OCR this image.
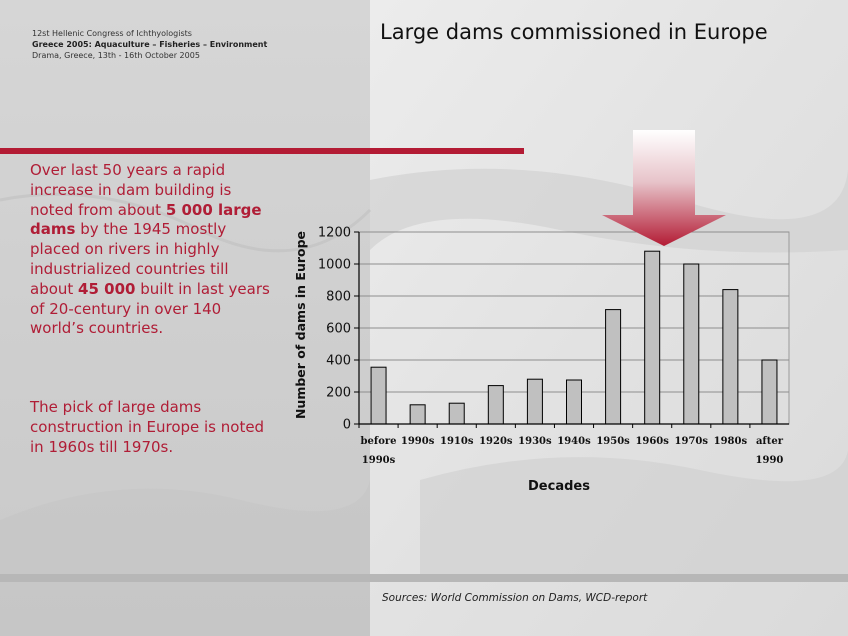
12st Hellenic Congress of Ichthyologists
Greece 2005: Aquaculture – Fisheries – Environment
Drama, Greece, 13th - 16th October 2005
Large dams commissioned in Europe
Over last 50 years a rapid increase in dam building is noted from about 5 000 large dams by the 1945 mostly placed on rivers in highly industrialized countries till about 45 000 built in last years of 20-century in over 140 world’s countries.
The pick of large dams construction in Europe is noted in 1960s till 1970s.
0
200
400
600
800
1000
1200
before
1990s
1990s 1910s 1920s 1930s 1940s 1950s 1960s 1970s 1980s after
1990
Number of dams in Europe
Decades
Sources: World Commission on Dams, WCD-report
